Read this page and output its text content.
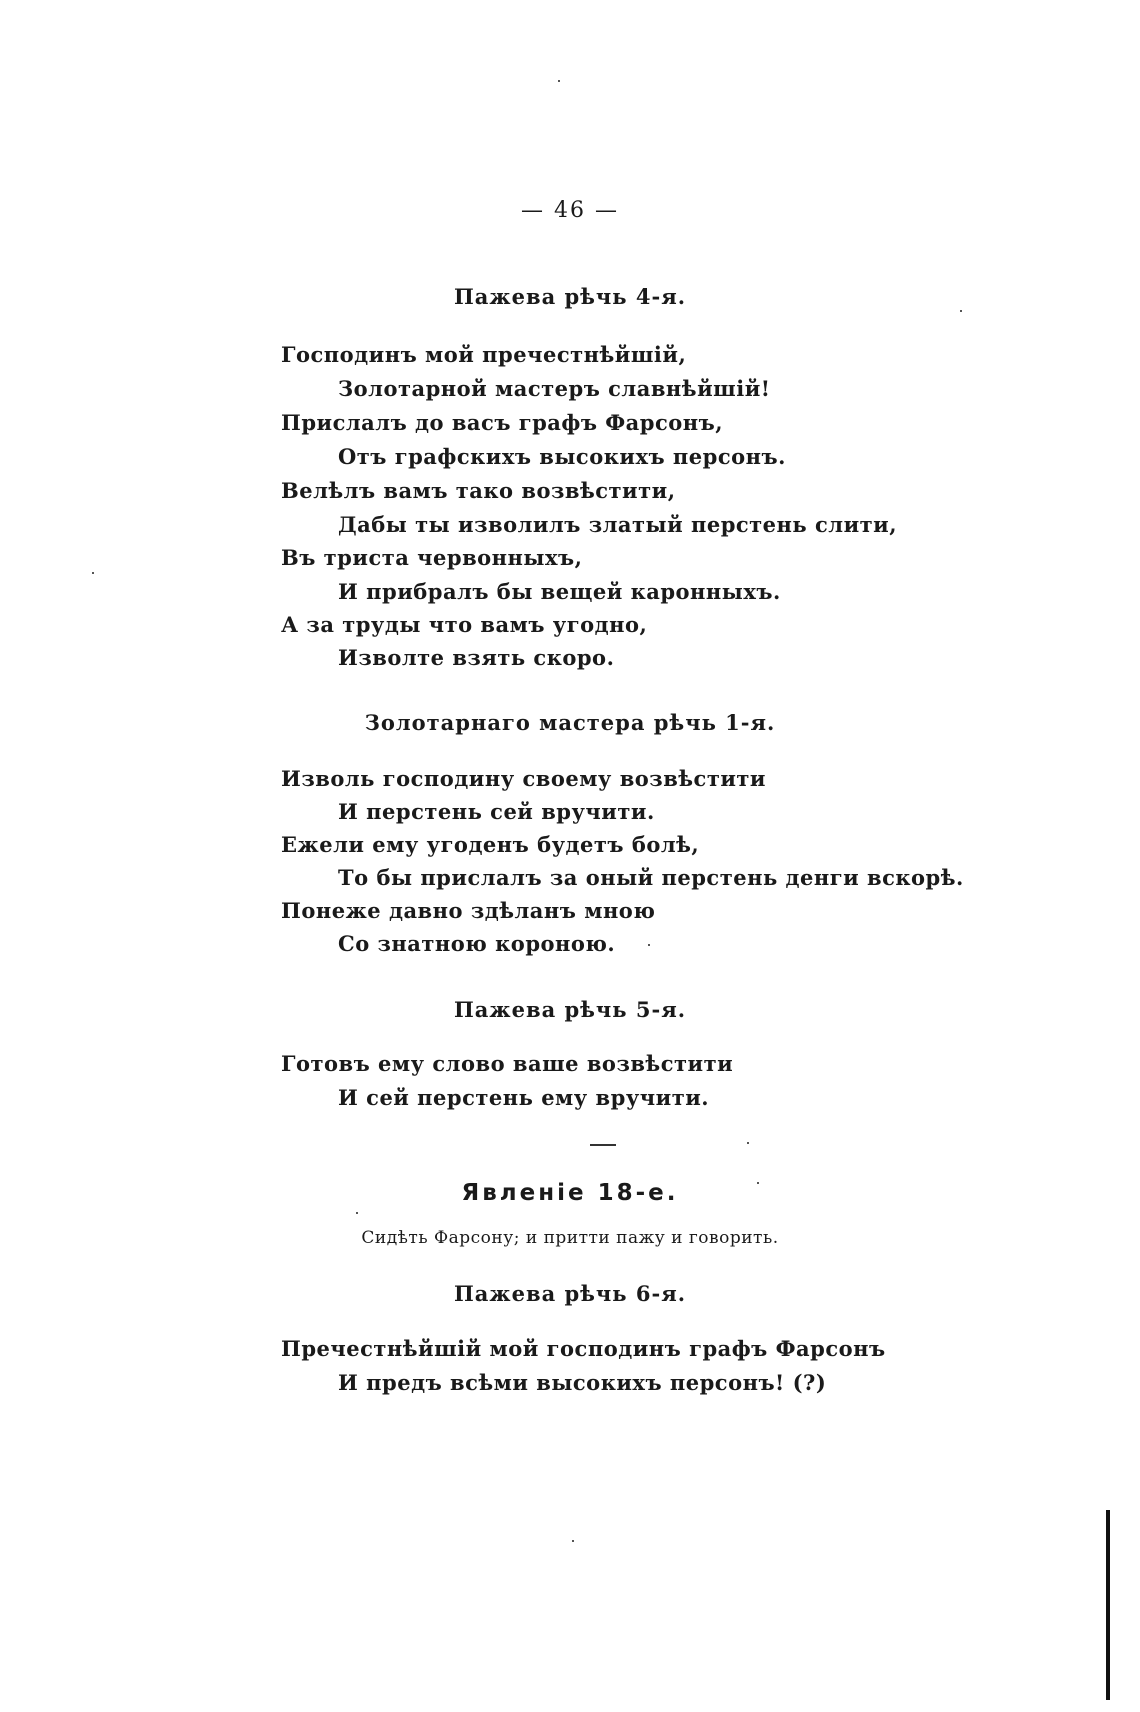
— 46 —
Пажева рѣчь 4-я.
Господинъ мой пречестнѣйшій,
Золотарной мастеръ славнѣйшій!
Прислалъ до васъ графъ Фарсонъ,
Отъ графскихъ высокихъ персонъ.
Велѣлъ вамъ тако возвѣстити,
Дабы ты изволилъ златый перстень слити,
Въ триста червонныхъ,
И прибралъ бы вещей каронныхъ.
А за труды что вамъ угодно,
Изволте взять скоро.
Золотарнаго мастера рѣчь 1-я.
Изволь господину своему возвѣстити
И перстень сей вручити.
Ежели ему угоденъ будетъ болѣ,
То бы прислалъ за оный перстень денги вскорѣ.
Понеже давно здѣланъ мною
Со знатною короною.
Пажева рѣчь 5-я.
Готовъ ему слово ваше возвѣстити
И сей перстень ему вручити.
Явленіе 18-е.
Сидѣть Фарсону; и притти пажу и говорить.
Пажева рѣчь 6-я.
Пречестнѣйшій мой господинъ графъ Фарсонъ
И предъ всѣми высокихъ персонъ! (?)
